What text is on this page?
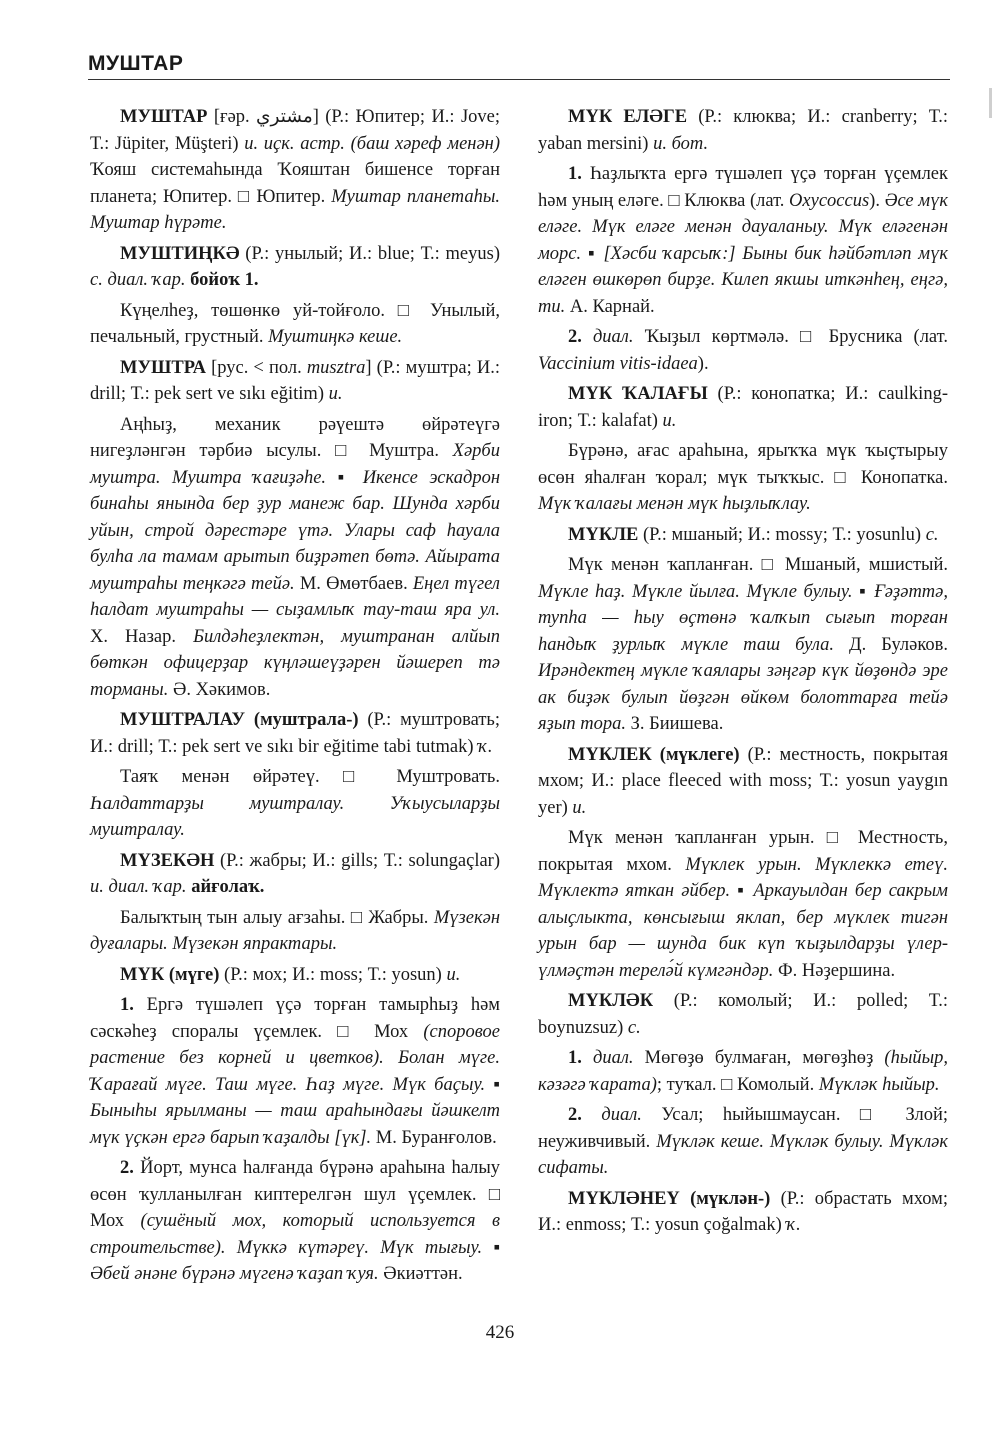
МУШТАР

МУШТАР [ғәр. مشتري] (Р.: Юпитер; И.: Jove; Т.: Jüpiter, Müşteri) и. иҫк. астр. (баш хәреф менән) Ҡояш системаһында Ҡояштан бишенсе торған планета; Юпитер. □ Юпитер. Муштар планетаһы. Муштар һүрәте.

МУШТИҢКӘ (Р.: унылый; И.: blue; Т.: meyus) с. диал. ҡар. бойоҡ 1.

Күңелһеҙ, төшөнкө уй-тойғоло. □ Унылый, печальный, грустный. Муштиңкә кеше.

МУШТРА [рус. < пол. musztra] (Р.: муштра; И.: drill; Т.: pek sert ve sıkı eğitim) и.

Аңһыҙ, механик рәүештә өйрәтеүгә нигеҙләнгән тәрбиә ысулы. □ Муштра. Хәрби муштра. Муштра ҡағиҙәһе. ▪ Икенсе эскадрон бинаһы янында бер ҙур манеж бар. Шунда хәрби уйын, строй дәрестәре үтә. Улары саф һауала булһа ла тамам арытып биҙрәтеп бөтә. Айырата муштраһы теңкәгә тейә. М. Өмөтбаев. Еңел түгел һалдат муштраһы — сыҙамлыҡ тау-таш яра ул. Х. Назар. Билдәһеҙлектән, муштранан алйып бөткән офицерҙар күңләшеүҙәрен йәшереп тә торманы. Ә. Хәкимов.

МУШТРАЛАУ (муштрала-) (Р.: муштровать; И.: drill; Т.: pek sert ve sıkı bir eğitime tabi tutmak) ҡ.

Таяҡ менән өйрәтеү. □ Муштровать. Һалдаттарҙы муштралау. Уҡыусыларҙы муштралау.

МҮЗЕКӘН (Р.: жабры; И.: gills; Т.: solungaçlar) и. диал. ҡар. айғолаҡ.

Балыҡтың тын алыу ағзаһы. □ Жабры. Мүзекән дуғалары. Мүзекән япрактары.

МҮК (мүге) (Р.: мох; И.: moss; Т.: yosun) и.

1. Ергә түшәлеп үҫә торған тамырһыҙ һәм сәскәһеҙ споралы үҫемлек. □ Мох (споровое растение без корней и цветков). Болан мүге. Ҡарағай мүге. Таш мүге. Һаҙ мүге. Мүк баҫыу. ▪ Быныһы ярылманы — таш араһындағы йәшкелт мүк үҫкән ергә барып ҡаҙалды [үк]. М. Буранғолов.

2. Йорт, мунса һалғанда бүрәнә араһына һалыу өсөн ҡулланылған киптерелгән шул үҫемлек. □ Мох (сушёный мох, который используется в строительстве). Мүккә күтәреү. Мүк тығыу. ▪ Әбей әнәне бүрәнә мүгенә ҡаҙап ҡуя. Әкиәттән.

МҮК ЕЛӘГЕ (Р.: клюква; И.: cranberry; Т.: yaban mersini) и. бот.

1. Һаҙлыҡта ергә түшәлеп үҫә торған үҫемлек һәм уның еләге. □ Клюква (лат. Oxycoccus). Әсе мүк еләге. Мүк еләге менән дауаланыу. Мүк еләгенән морс. ▪ [Хәсби ҡарсыҡ:] Быны бик һәйбәтләп мүк еләген өшкөрөп бирҙе. Килеп якшы иткәнһең, еңгә, ти. А. Карнай.

2. диал. Ҡыҙыл көртмәлә. □ Брусника (лат. Vaccinium vitis-idaea).

МҮК ҠАЛАҒЫ (Р.: конопатка; И.: caulking-iron; Т.: kalafat) и.

Бүрәнә, ағас араһына, ярыҡҡа мүк ҡыҫтырыу өсөн яһалған ҡорал; мүк тыҡҡыс. □ Конопатка. Мүк ҡалағы менән мүк һыҙлыҡлау.

МҮКЛЕ (Р.: мшаный; И.: mossy; Т.: yosunlu) с.

Мүк менән ҡапланған. □ Мшаный, мшистый. Мүкле һаҙ. Мүкле йылға. Мүкле булыу. ▪ Ғәҙәттә, тупһа — һыу өҫтөнә ҡалҡып сығып торған һандыҡ ҙурлыҡ мүкле таш була. Д. Буләков. Ирәндектең мүкле ҡаялары зәңгәр күк йөҙөндә эре ак биҙәк булып йөҙгән өйкөм болоттарға тейә яҙып тора. З. Биишева.

МҮКЛЕК (мүклеге) (Р.: местность, покрытая мхом; И.: place fleeced with moss; Т.: yosun yaygın yer) и.

Мүк менән ҡапланған урын. □ Местность, покрытая мхом. Мүклек урын. Мүклеккә етеү. Мүклектә яткан әйбер. ▪ Аркауылдан бер сакрым алыҫлыкта, көнсығыш яклап, бер мүклек тигән урын бар — шунда бик күп ҡыҙылдарҙы үлер-үлмәҫтән терелә́й күмгәндәр. Ф. Нәҙершина.

МҮКЛӘК (Р.: комолый; И.: polled; Т.: boynuzsuz) с.

1. диал. Мөгөҙө булмаған, мөгөҙһөҙ (һыйыр, кәзәгә ҡарата); туҡал. □ Комолый. Мүкләк һыйыр.

2. диал. Усал; һыйышмаусан. □ Злой; неуживчивый. Мүкләк кеше. Мүкләк булыу. Мүкләк сифаты.

МҮКЛӘНЕҮ (мүклән-) (Р.: обрастать мхом; И.: enmoss; Т.: yosun çoğalmak) ҡ.

426
